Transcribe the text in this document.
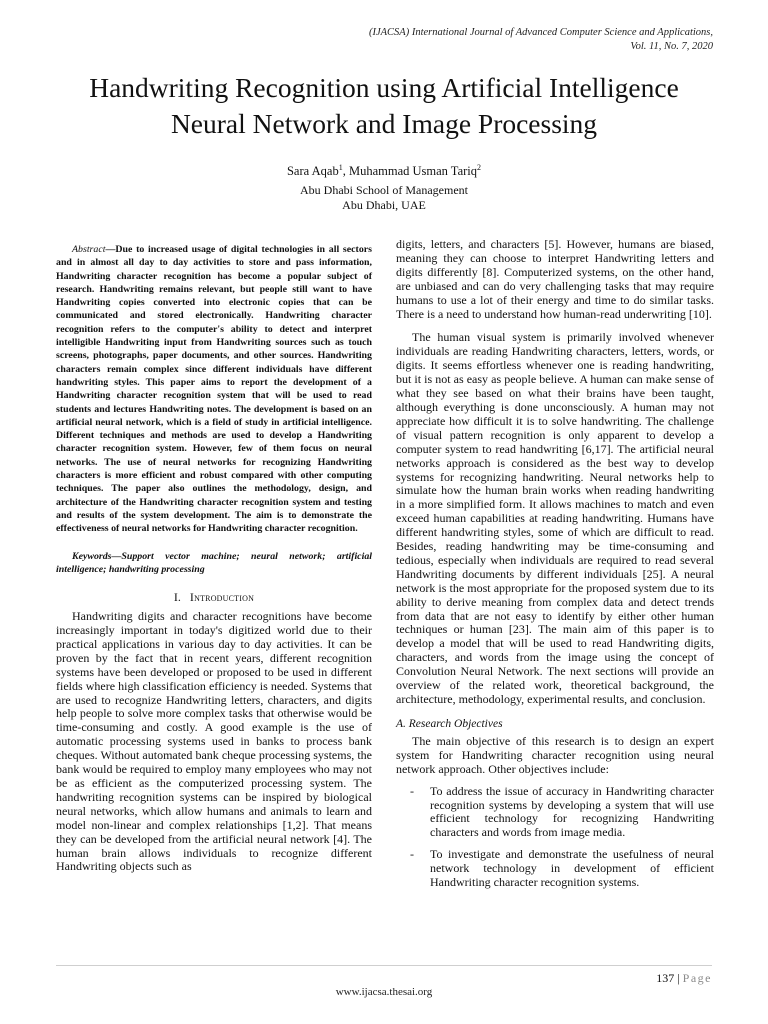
(IJACSA) International Journal of Advanced Computer Science and Applications,
Vol. 11, No. 7, 2020
Handwriting Recognition using Artificial Intelligence
Neural Network and Image Processing
Sara Aqab$^1$, Muhammad Usman Tariq$^2$
Abu Dhabi School of Management
Abu Dhabi, UAE

Abstract—Due to increased usage of digital technologies in all sectors and in almost all day to day activities to store and pass information, Handwriting character recognition has become a popular subject of research. Handwriting remains relevant, but people still want to have Handwriting copies converted into electronic copies that can be communicated and stored electronically. Handwriting character recognition refers to the computer's ability to detect and interpret intelligible Handwriting input from Handwriting sources such as touch screens, photographs, paper documents, and other sources. Handwriting characters remain complex since different individuals have different handwriting styles. This paper aims to report the development of a Handwriting character recognition system that will be used to read students and lectures Handwriting notes. The development is based on an artificial neural network, which is a field of study in artificial intelligence. Different techniques and methods are used to develop a Handwriting character recognition system. However, few of them focus on neural networks. The use of neural networks for recognizing Handwriting characters is more efficient and robust compared with other computing techniques. The paper also outlines the methodology, design, and architecture of the Handwriting character recognition system and testing and results of the system development. The aim is to demonstrate the effectiveness of neural networks for Handwriting character recognition.

Keywords—Support vector machine; neural network; artificial intelligence; handwriting processing

I. Introduction

Handwriting digits and character recognitions have become increasingly important in today's digitized world due to their practical applications in various day to day activities. It can be proven by the fact that in recent years, different recognition systems have been developed or proposed to be used in different fields where high classification efficiency is needed. Systems that are used to recognize Handwriting letters, characters, and digits help people to solve more complex tasks that otherwise would be time-consuming and costly. A good example is the use of automatic processing systems used in banks to process bank cheques. Without automated bank cheque processing systems, the bank would be required to employ many employees who may not be as efficient as the computerized processing system. The handwriting recognition systems can be inspired by biological neural networks, which allow humans and animals to learn and model non-linear and complex relationships [1,2]. That means they can be developed from the artificial neural network [4]. The human brain allows individuals to recognize different Handwriting objects such as

digits, letters, and characters [5]. However, humans are biased, meaning they can choose to interpret Handwriting letters and digits differently [8]. Computerized systems, on the other hand, are unbiased and can do very challenging tasks that may require humans to use a lot of their energy and time to do similar tasks. There is a need to understand how human-read underwriting [10].

The human visual system is primarily involved whenever individuals are reading Handwriting characters, letters, words, or digits. It seems effortless whenever one is reading handwriting, but it is not as easy as people believe. A human can make sense of what they see based on what their brains have been taught, although everything is done unconsciously. A human may not appreciate how difficult it is to solve handwriting. The challenge of visual pattern recognition is only apparent to develop a computer system to read handwriting [6,17]. The artificial neural networks approach is considered as the best way to develop systems for recognizing handwriting. Neural networks help to simulate how the human brain works when reading handwriting in a more simplified form. It allows machines to match and even exceed human capabilities at reading handwriting. Humans have different handwriting styles, some of which are difficult to read. Besides, reading handwriting may be time-consuming and tedious, especially when individuals are required to read several Handwriting documents by different individuals [25]. A neural network is the most appropriate for the proposed system due to its ability to derive meaning from complex data and detect trends from data that are not easy to identify by either other human techniques or human [23]. The main aim of this paper is to develop a model that will be used to read Handwriting digits, characters, and words from the image using the concept of Convolution Neural Network. The next sections will provide an overview of the related work, theoretical background, the architecture, methodology, experimental results, and conclusion.

A. Research Objectives

The main objective of this research is to design an expert system for Handwriting character recognition using neural network approach. Other objectives include:

- To address the issue of accuracy in Handwriting character recognition systems by developing a system that will use efficient technology for recognizing Handwriting characters and words from image media.
- To investigate and demonstrate the usefulness of neural network technology in development of efficient Handwriting character recognition systems.
137 | Page
www.ijacsa.thesai.org
